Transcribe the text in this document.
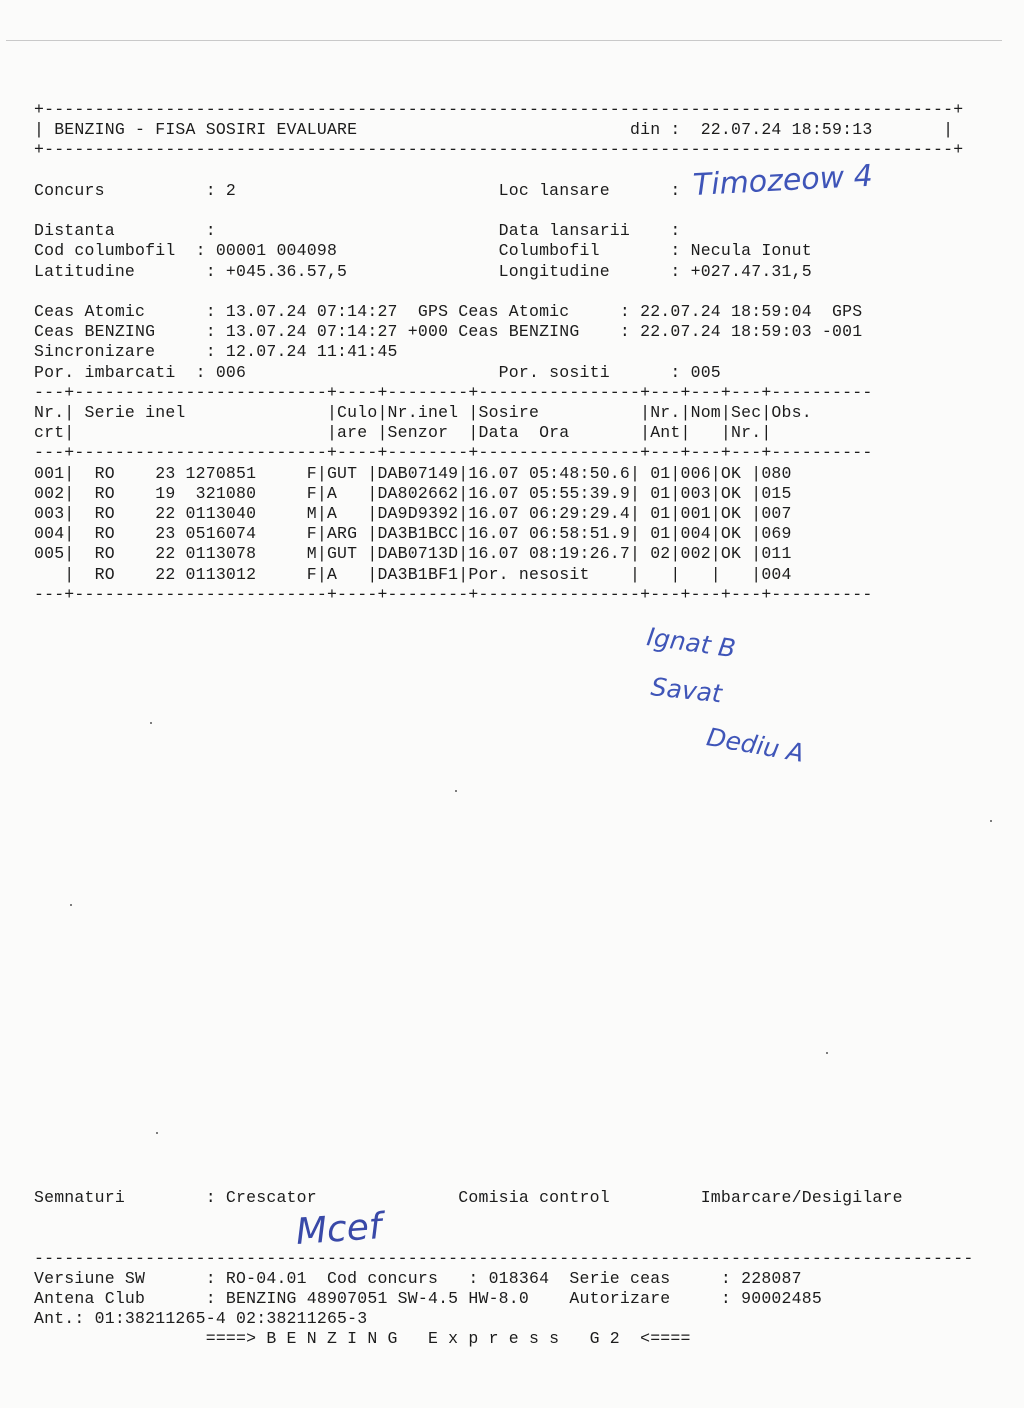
+------------------------------------------------------------------------------------------+
| BENZING - FISA SOSIRI EVALUARE                           din :  22.07.24 18:59:13       |
+------------------------------------------------------------------------------------------+

Concurs          : 2                          Loc lansare      :

Distanta         :                            Data lansarii    :
Cod columbofil  : 00001 004098                Columbofil       : Necula Ionut
Latitudine       : +045.36.57,5               Longitudine      : +027.47.31,5

Ceas Atomic      : 13.07.24 07:14:27  GPS Ceas Atomic     : 22.07.24 18:59:04  GPS
Ceas BENZING     : 13.07.24 07:14:27 +000 Ceas BENZING    : 22.07.24 18:59:03 -001
Sincronizare     : 12.07.24 11:41:45
Por. imbarcati  : 006                         Por. sositi      : 005
---+-------------------------+----+--------+----------------+---+---+---+----------
Nr.| Serie inel              |Culo|Nr.inel |Sosire          |Nr.|Nom|Sec|Obs.
crt|                         |are |Senzor  |Data  Ora       |Ant|   |Nr.|
---+-------------------------+----+--------+----------------+---+---+---+----------
001|  RO    23 1270851     F|GUT |DAB07149|16.07 05:48:50.6| 01|006|OK |080
002|  RO    19  321080     F|A   |DA802662|16.07 05:55:39.9| 01|003|OK |015
003|  RO    22 0113040     M|A   |DA9D9392|16.07 06:29:29.4| 01|001|OK |007
004|  RO    23 0516074     F|ARG |DA3B1BCC|16.07 06:58:51.9| 01|004|OK |069
005|  RO    22 0113078     M|GUT |DAB0713D|16.07 08:19:26.7| 02|002|OK |011
|  RO    22 0113012     F|A   |DA3B1BF1|Por. nesosit    |   |   |   |004
---+-------------------------+----+--------+----------------+---+---+---+----------
Semnaturi        : Crescator              Comisia control         Imbarcare/Desigilare

---------------------------------------------------------------------------------------------
Versiune SW      : RO-04.01  Cod concurs   : 018364  Serie ceas     : 228087
Antena Club      : BENZING 48907051 SW-4.5 HW-8.0    Autorizare     : 90002485
Ant.: 01:38211265-4 02:38211265-3
====> B E N Z I N G   E x p r e s s   G 2  <====
Timozeow 4
Ignat B
Savat
Dediu A
Mcef
